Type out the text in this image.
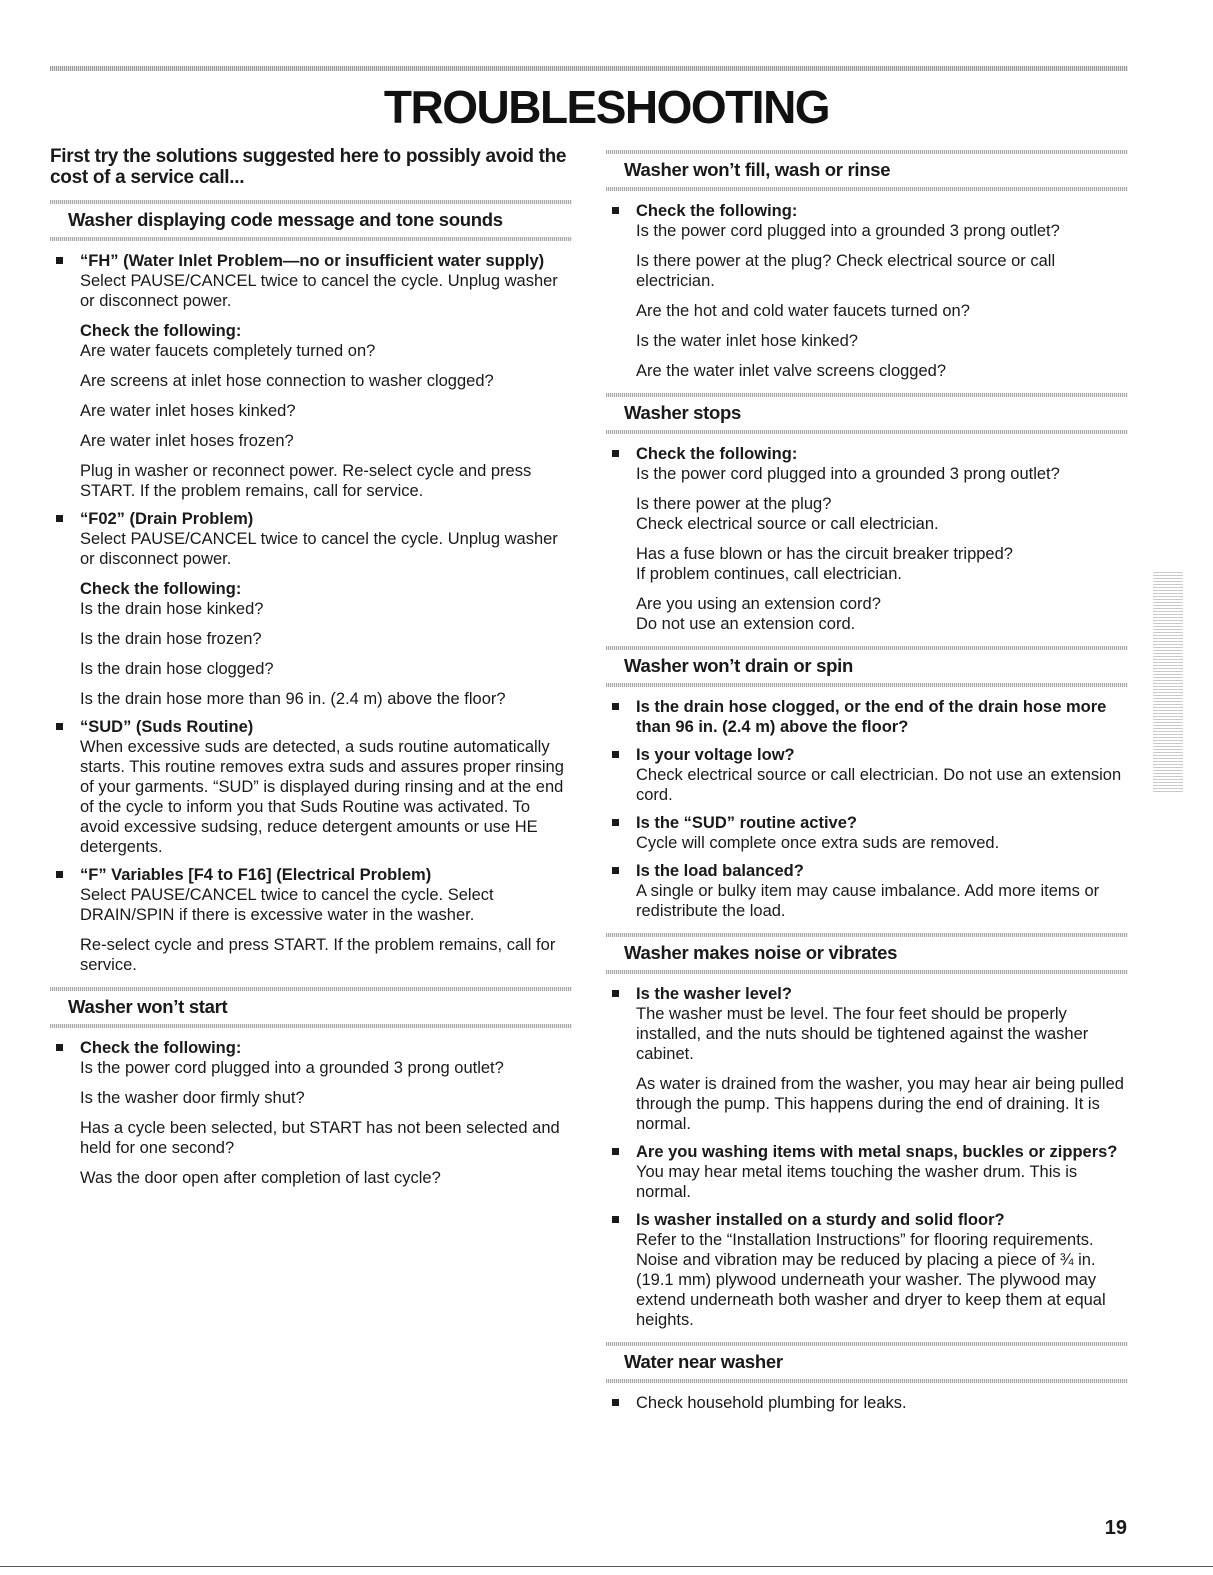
TROUBLESHOOTING
First try the solutions suggested here to possibly avoid the cost of a service call...
Washer displaying code message and tone sounds
“FH” (Water Inlet Problem—no or insufficient water supply)

Select PAUSE/CANCEL twice to cancel the cycle. Unplug washer or disconnect power.

Check the following:

Are water faucets completely turned on?

Are screens at inlet hose connection to washer clogged?

Are water inlet hoses kinked?

Are water inlet hoses frozen?

Plug in washer or reconnect power. Re-select cycle and press START. If the problem remains, call for service.

“F02” (Drain Problem)

Select PAUSE/CANCEL twice to cancel the cycle. Unplug washer or disconnect power.

Check the following:

Is the drain hose kinked?

Is the drain hose frozen?

Is the drain hose clogged?

Is the drain hose more than 96 in. (2.4 m) above the floor?

“SUD” (Suds Routine)

When excessive suds are detected, a suds routine automatically starts. This routine removes extra suds and assures proper rinsing of your garments. “SUD” is displayed during rinsing and at the end of the cycle to inform you that Suds Routine was activated. To avoid excessive sudsing, reduce detergent amounts or use HE detergents.

“F” Variables [F4 to F16] (Electrical Problem)

Select PAUSE/CANCEL twice to cancel the cycle. Select DRAIN/SPIN if there is excessive water in the washer.

Re-select cycle and press START. If the problem remains, call for service.

Washer won’t start
Check the following:

Is the power cord plugged into a grounded 3 prong outlet?

Is the washer door firmly shut?

Has a cycle been selected, but START has not been selected and held for one second?

Was the door open after completion of last cycle?

Washer won’t fill, wash or rinse
Check the following:

Is the power cord plugged into a grounded 3 prong outlet?

Is there power at the plug? Check electrical source or call electrician.

Are the hot and cold water faucets turned on?

Is the water inlet hose kinked?

Are the water inlet valve screens clogged?

Washer stops
Check the following:

Is the power cord plugged into a grounded 3 prong outlet?

Is there power at the plug?

Check electrical source or call electrician.

Has a fuse blown or has the circuit breaker tripped?

If problem continues, call electrician.

Are you using an extension cord?

Do not use an extension cord.

Washer won’t drain or spin
Is the drain hose clogged, or the end of the drain hose more than 96 in. (2.4 m) above the floor?
Is your voltage low?

Check electrical source or call electrician. Do not use an extension cord.

Is the “SUD” routine active?

Cycle will complete once extra suds are removed.

Is the load balanced?

A single or bulky item may cause imbalance. Add more items or redistribute the load.

Washer makes noise or vibrates
Is the washer level?

The washer must be level. The four feet should be properly installed, and the nuts should be tightened against the washer cabinet.

As water is drained from the washer, you may hear air being pulled through the pump. This happens during the end of draining. It is normal.

Are you washing items with metal snaps, buckles or zippers?

You may hear metal items touching the washer drum. This is normal.

Is washer installed on a sturdy and solid floor?

Refer to the “Installation Instructions” for flooring requirements. Noise and vibration may be reduced by placing a piece of ¾ in. (19.1 mm) plywood underneath your washer. The plywood may extend underneath both washer and dryer to keep them at equal heights.

Water near washer

Check household plumbing for leaks.

19
